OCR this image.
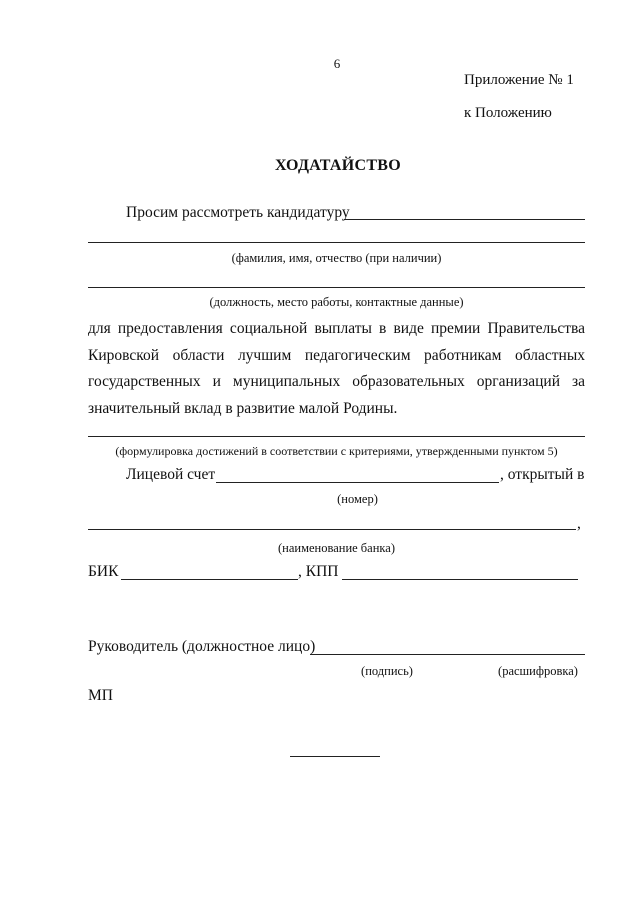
6
Приложение № 1
к Положению
ХОДАТАЙСТВО
Просим рассмотреть кандидатуру
(фамилия, имя, отчество (при наличии)
(должность, место работы, контактные данные)
для предоставления социальной выплаты в виде премии Правительства
Кировской области лучшим педагогическим работникам областных
государственных и муниципальных образовательных организаций за
значительный вклад в развитие малой Родины.
(формулировка достижений в соответствии с критериями, утвержденными пунктом 5)
Лицевой счет	, открытый в
(номер)
,
(наименование банка)
БИК	, КПП
Руководитель (должностное лицо)
(подпись)	(расшифровка)
МП
